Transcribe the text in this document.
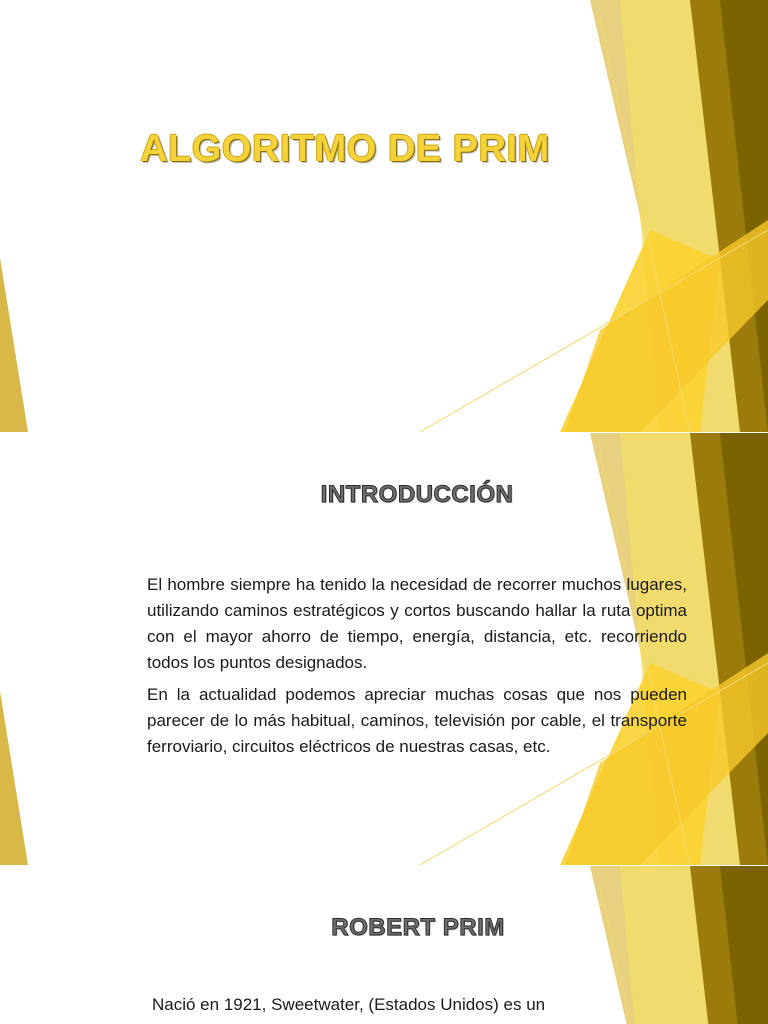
ALGORITMO DE PRIM
INTRODUCCIÓN

El hombre siempre ha tenido la necesidad de recorrer muchos lugares, utilizando caminos estratégicos y cortos buscando hallar la ruta optima con el mayor ahorro de tiempo, energía, distancia, etc. recorriendo todos los puntos designados.

En la actualidad podemos apreciar muchas cosas que nos pueden parecer de lo más habitual, caminos, televisión por cable, el transporte ferroviario, circuitos eléctricos de nuestras casas, etc.

ROBERT PRIM

Nació en 1921, Sweetwater, (Estados Unidos) es un
